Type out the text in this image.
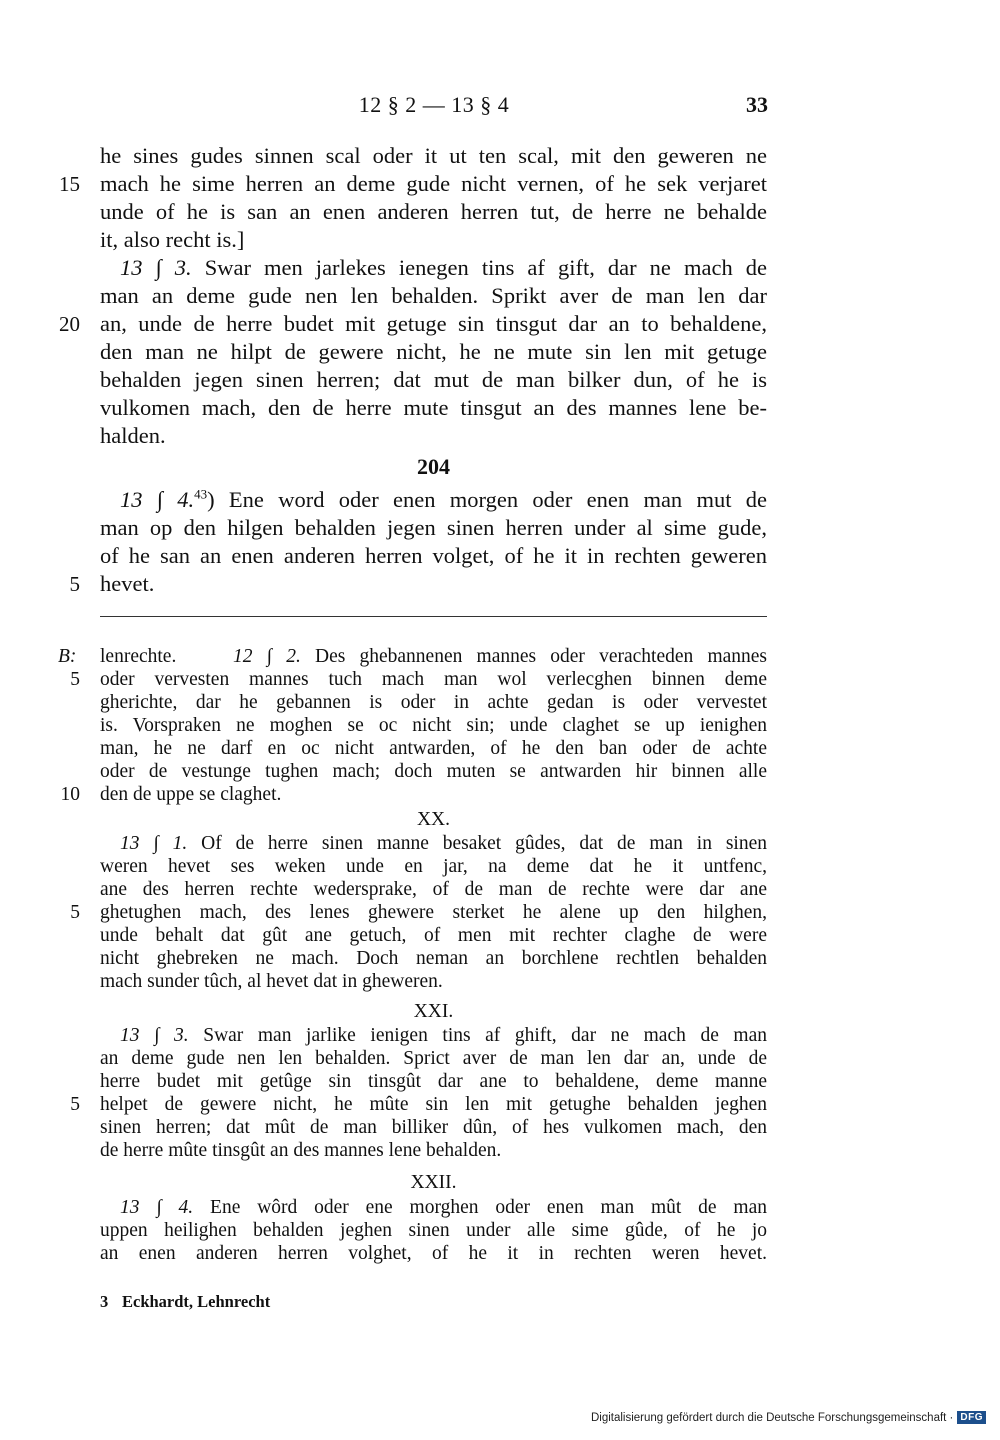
12 § 2 — 13 § 4	33
he sines gudes sinnen scal oder it ut ten scal, mit den geweren ne
15 mach he sime herren an deme gude nicht vernen, of he sek verjaret
unde of he is san an enen anderen herren tut, de herre ne behalde
it, also recht is.]
13 ∫ 3. Swar men jarlekes ienegen tins af gift, dar ne mach de
man an deme gude nen len behalden. Sprikt aver de man len dar
20 an, unde de herre budet mit getuge sin tinsgut dar an to behaldene,
den man ne hilpt de gewere nicht, he ne mute sin len mit getuge
behalden jegen sinen herren; dat mut de man bilker dun, of he is
vulkomen mach, den de herre mute tinsgut an des mannes lene be-
halden.
204
13 ∫ 4.43) Ene word oder enen morgen oder enen man mut de
man op den hilgen behalden jegen sinen herren under al sime gude,
of he san an enen anderen herren volget, of he it in rechten geweren
5 hevet.
B: lenrechte.	12 ∫ 2. Des ghebannenen mannes oder verachteden mannes
5 oder vervesten mannes tuch mach man wol verlecghen binnen deme
gherichte, dar he gebannen is oder in achte gedan is oder vervestet
is. Vorspraken ne moghen se oc nicht sin; unde claghet se up ienighen
man, he ne darf en oc nicht antwarden, of he den ban oder de achte
oder de vestunge tughen mach; doch muten se antwarden hir binnen alle
10 den de uppe se claghet.
XX.
13 ∫ 1. Of de herre sinen manne besaket gûdes, dat de man in sinen
weren hevet ses weken unde en jar, na deme dat he it untfenc,
ane des herren rechte wedersprake, of de man de rechte were dar ane
5 ghetughen mach, des lenes ghewere sterket he alene up den hilghen,
unde behalt dat gût ane getuch, of men mit rechter claghe de were
nicht ghebreken ne mach. Doch neman an borchlene rechtlen behalden
mach sunder tûch, al hevet dat in gheweren.
XXI.
13 ∫ 3. Swar man jarlike ienigen tins af ghift, dar ne mach de man
an deme gude nen len behalden. Sprict aver de man len dar an, unde de
herre budet mit getûge sin tinsgût dar ane to behaldene, deme manne
5 helpet de gewere nicht, he mûte sin len mit getughe behalden jeghen
sinen herren; dat mût de man billiker dûn, of hes vulkomen mach, den
de herre mûte tinsgût an des mannes lene behalden.
XXII.
13 ∫ 4. Ene wôrd oder ene morghen oder enen man mût de man
uppen heilighen behalden jeghen sinen under alle sime gûde, of he jo
an enen anderen herren volghet, of he it in rechten weren hevet.
3 Eckhardt, Lehnrecht
Digitalisierung gefördert durch die Deutsche Forschungsgemeinschaft · DFG
